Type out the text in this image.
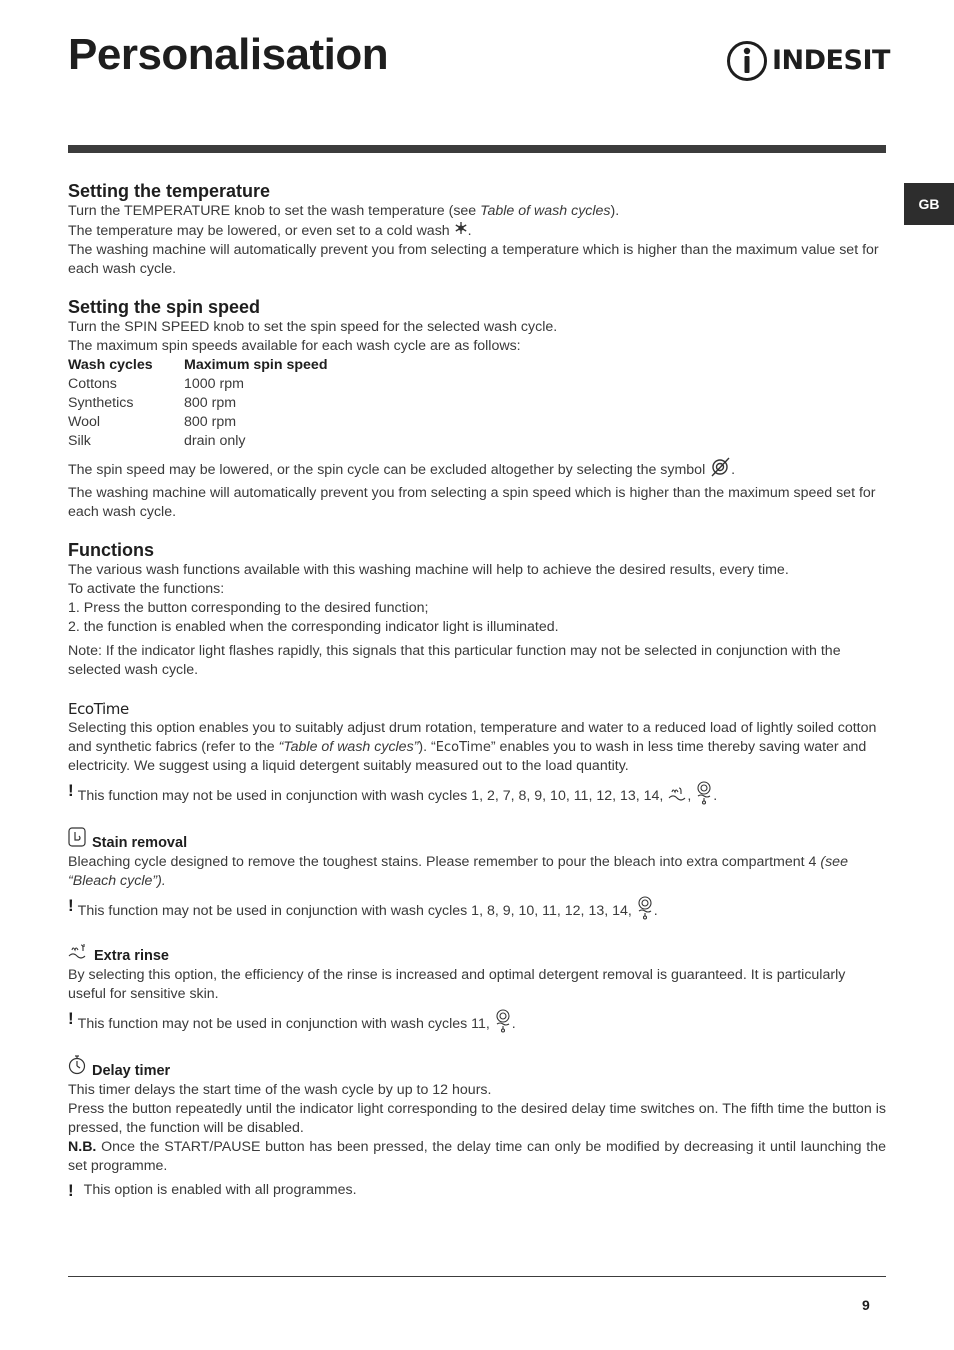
Personalisation	INDESIT
GB
Setting the temperature

Turn the TEMPERATURE knob to set the wash temperature (see Table of wash cycles).

The temperature may be lowered, or even set to a cold wash .

The washing machine will automatically prevent you from selecting a temperature which is higher than the maximum value set for each wash cycle.

Setting the spin speed

Turn the SPIN SPEED knob to set the spin speed for the selected wash cycle.

The maximum spin speeds available for each wash cycle are as follows:

Wash cycles	Maximum spin speed
Cottons	1000 rpm
Synthetics	800 rpm
Wool	800 rpm
Silk	drain only

The spin speed may be lowered, or the spin cycle can be excluded altogether by selecting the symbol .

The washing machine will automatically prevent you from selecting a spin speed which is higher than the maximum speed set for each wash cycle.

Functions

The various wash functions available with this washing machine will help to achieve the desired results, every time.

To activate the functions:

1. Press the button corresponding to the desired function;

2. the function is enabled when the corresponding indicator light is illuminated.

Note: If the indicator light flashes rapidly, this signals that this particular function may not be selected in conjunction with the selected wash cycle.

EcoTime

Selecting this option enables you to suitably adjust drum rotation, temperature and water to a reduced load of lightly soiled cotton and synthetic fabrics (refer to the “Table of wash cycles”). “EcoTime” enables you to wash in less time thereby saving water and electricity. We suggest using a liquid detergent suitably measured out to the load quantity.

! This function may not be used in conjunction with wash cycles 1, 2, 7, 8, 9, 10, 11, 12, 13, 14, , .
Stain removal

Bleaching cycle designed to remove the toughest stains. Please remember to pour the bleach into extra compartment 4 (see “Bleach cycle”).

! This function may not be used in conjunction with wash cycles 1, 8, 9, 10, 11, 12, 13, 14, .
Extra rinse

By selecting this option, the efficiency of the rinse is increased and optimal detergent removal is guaranteed. It is particularly useful for sensitive skin.

! This function may not be used in conjunction with wash cycles 11, .
Delay timer

This timer delays the start time of the wash cycle by up to 12 hours.

Press the button repeatedly until the indicator light corresponding to the desired delay time switches on. The fifth time the button is pressed, the function will be disabled.

N.B. Once the START/PAUSE button has been pressed, the delay time can only be modified by decreasing it until launching the set programme.

! This option is enabled with all programmes.
9
